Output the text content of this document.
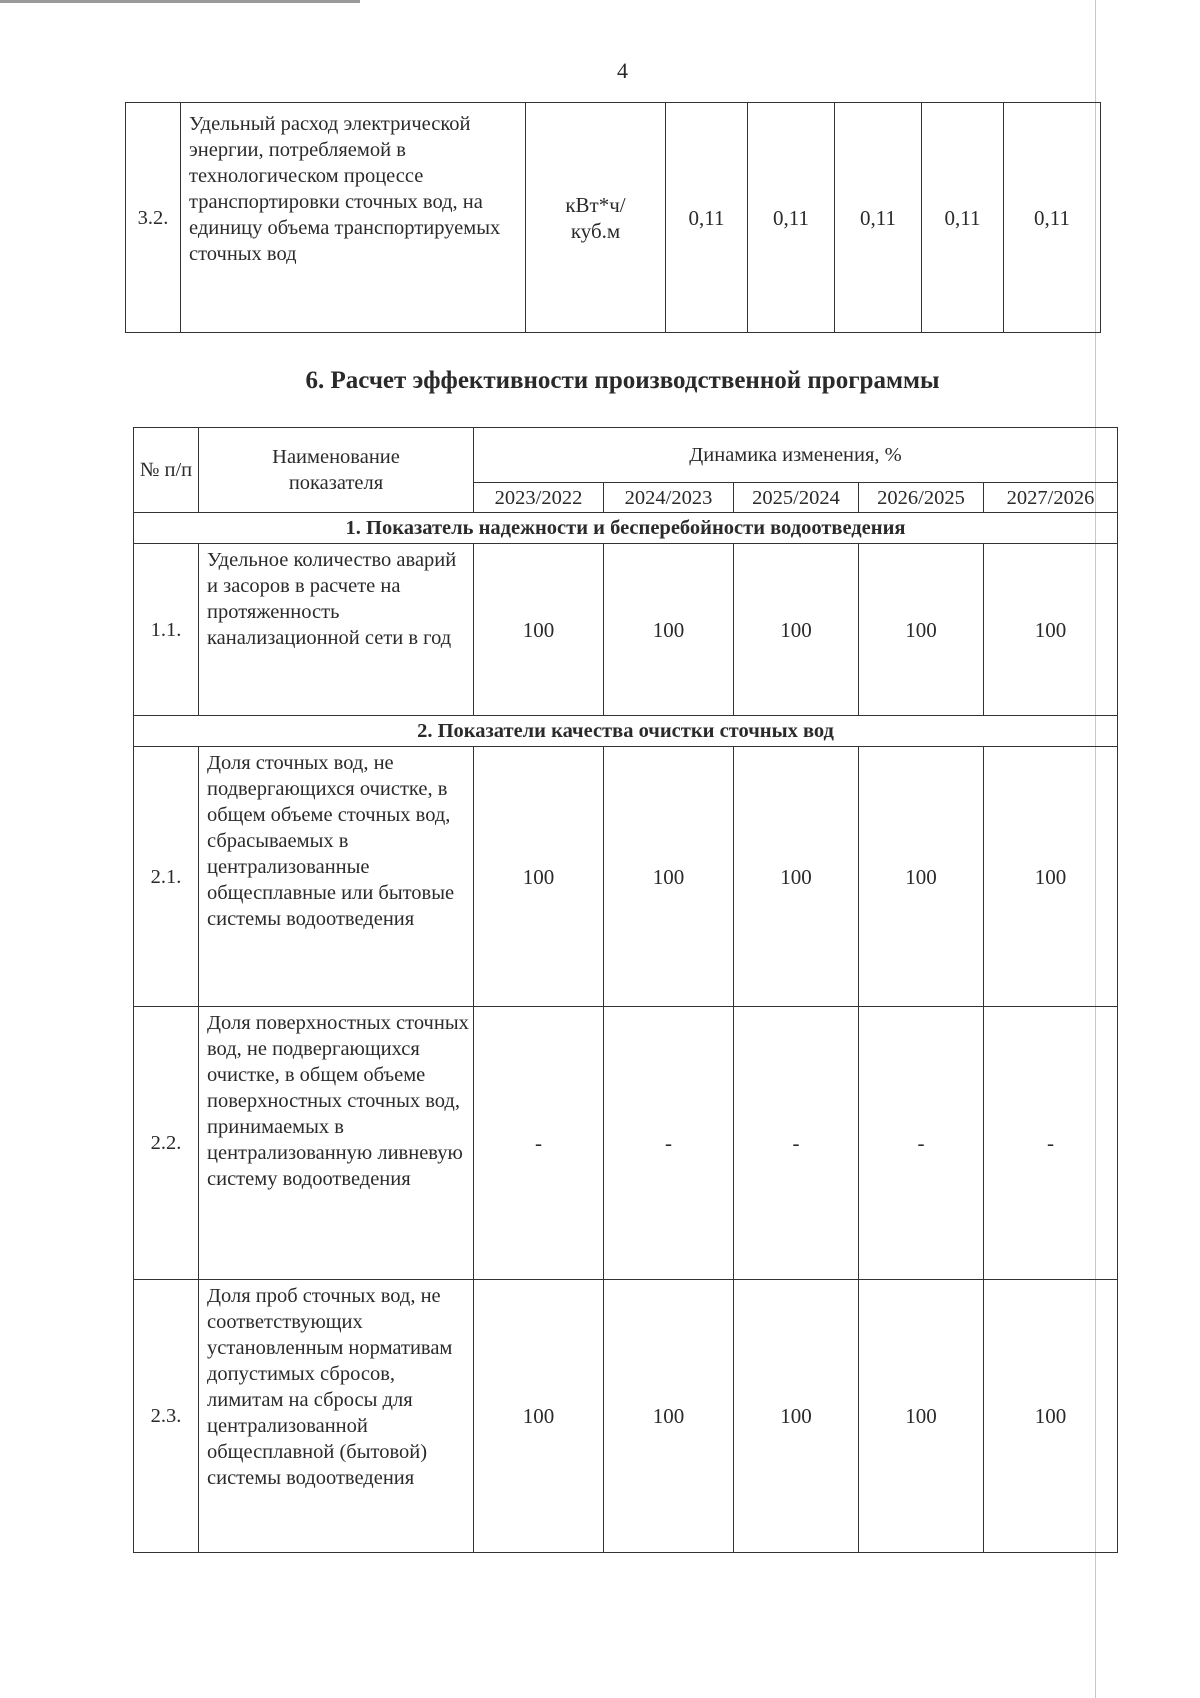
4
3.2.	Удельный расход электрической энергии, потребляемой в технологическом процессе транспортировки сточных вод, на единицу объема транспортируемых сточных вод	кВт*ч/ куб.м	0,11	0,11	0,11	0,11	0,11
6. Расчет эффективности производственной программы
№ п/п	Наименование показателя	Динамика изменения, %				
		2023/2022	2024/2023	2025/2024	2026/2025	2027/2026
1. Показатель надежности и бесперебойности водоотведения						
1.1.	Удельное количество аварий и засоров в расчете на протяженность канализационной сети в год	100	100	100	100	100
2. Показатели качества очистки сточных вод						
2.1.	Доля сточных вод, не подвергающихся очистке, в общем объеме сточных вод, сбрасываемых в централизованные общесплавные или бытовые системы водоотведения	100	100	100	100	100
2.2.	Доля поверхностных сточных вод, не подвергающихся очистке, в общем объеме поверхностных сточных вод, принимаемых в централизованную ливневую систему водоотведения	-	-	-	-	-
2.3.	Доля проб сточных вод, не соответствующих установленным нормативам допустимых сбросов, лимитам на сбросы для централизованной общесплавной (бытовой) системы водоотведения	100	100	100	100	100
